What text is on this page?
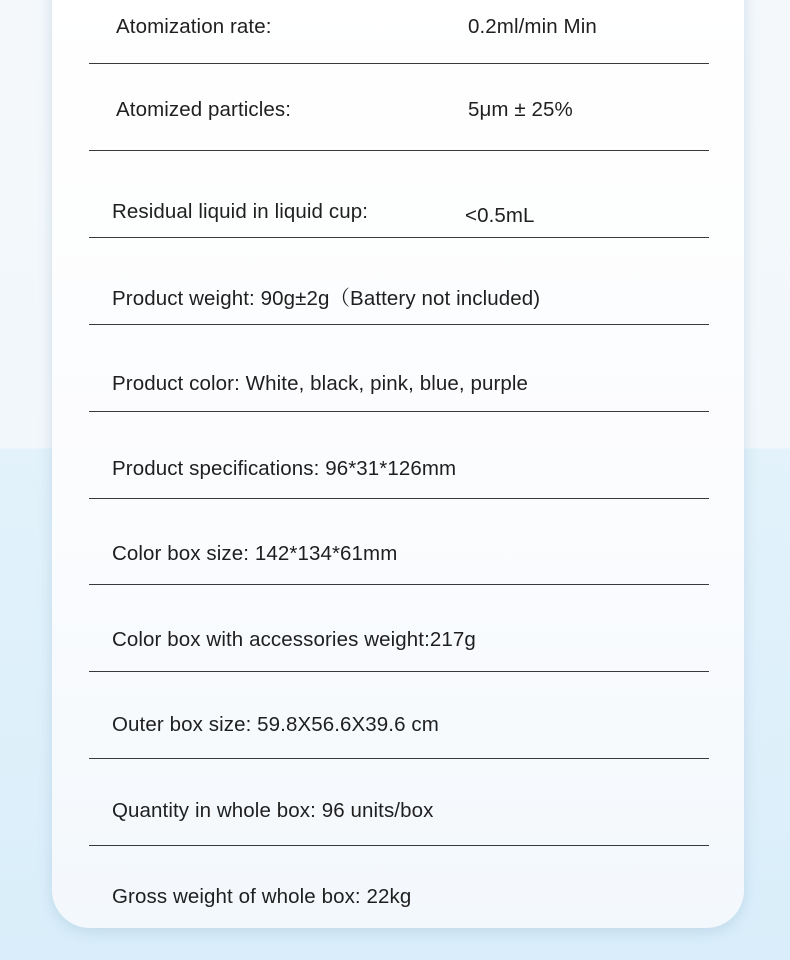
Atomization rate:	0.2ml/min Min
Atomized particles:	5μm ± 25%
Residual liquid in liquid cup:	<0.5mL
Product weight: 90g±2g（Battery not included)
Product color: White, black, pink, blue, purple
Product specifications: 96*31*126mm
Color box size: 142*134*61mm
Color box with accessories weight:217g
Outer box size: 59.8X56.6X39.6 cm
Quantity in whole box: 96 units/box
Gross weight of whole box: 22kg
